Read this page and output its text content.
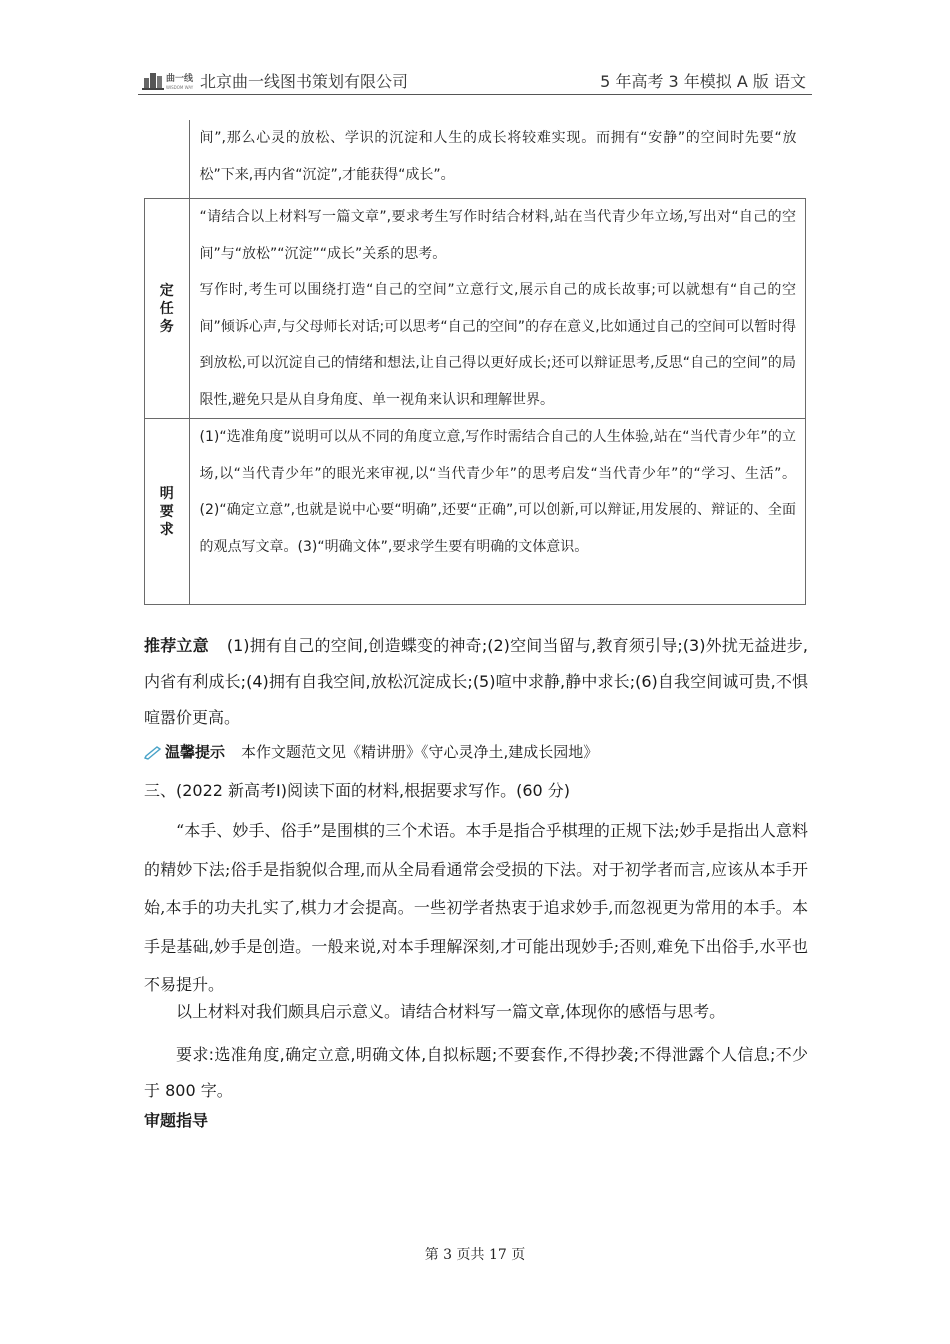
曲一线
WISDOM WAY 北京曲一线图书策划有限公司	5 年高考 3 年模拟 A 版 语文
	间”,那么心灵的放松、学识的沉淀和人生的成长将较难实现。而拥有“安静”的空间时先要“放松”下来,再内省“沉淀”,才能获得“成长”。
定任务	“请结合以上材料写一篇文章”,要求考生写作时结合材料,站在当代青少年立场,写出对“自己的空间”与“放松”“沉淀”“成长”关系的思考。
写作时,考生可以围绕打造“自己的空间”立意行文,展示自己的成长故事;可以就想有“自己的空间”倾诉心声,与父母师长对话;可以思考“自己的空间”的存在意义,比如通过自己的空间可以暂时得到放松,可以沉淀自己的情绪和想法,让自己得以更好成长;还可以辩证思考,反思“自己的空间”的局限性,避免只是从自身角度、单一视角来认识和理解世界。

明要求	(1)“选准角度”说明可以从不同的角度立意,写作时需结合自己的人生体验,站在“当代青少年”的立场,以“当代青少年”的眼光来审视,以“当代青少年”的思考启发“当代青少年”的“学习、生活”。(2)“确定立意”,也就是说中心要“明确”,还要“正确”,可以创新,可以辩证,用发展的、辩证的、全面的观点写文章。(3)“明确文体”,要求学生要有明确的文体意识。
推荐立意 (1)拥有自己的空间,创造蝶变的神奇;(2)空间当留与,教育须引导;(3)外扰无益进步,内省有利成长;(4)拥有自我空间,放松沉淀成长;(5)喧中求静,静中求长;(6)自我空间诚可贵,不惧喧嚣价更高。
温馨提示 本作文题范文见《精讲册》《守心灵净土,建成长园地》
三、(2022 新高考Ⅰ)阅读下面的材料,根据要求写作。(60 分)
“本手、妙手、俗手”是围棋的三个术语。本手是指合乎棋理的正规下法;妙手是指出人意料的精妙下法;俗手是指貌似合理,而从全局看通常会受损的下法。对于初学者而言,应该从本手开始,本手的功夫扎实了,棋力才会提高。一些初学者热衷于追求妙手,而忽视更为常用的本手。本手是基础,妙手是创造。一般来说,对本手理解深刻,才可能出现妙手;否则,难免下出俗手,水平也不易提升。
以上材料对我们颇具启示意义。请结合材料写一篇文章,体现你的感悟与思考。
要求:选准角度,确定立意,明确文体,自拟标题;不要套作,不得抄袭;不得泄露个人信息;不少于 800 字。
审题指导
第 3 页共 17 页
